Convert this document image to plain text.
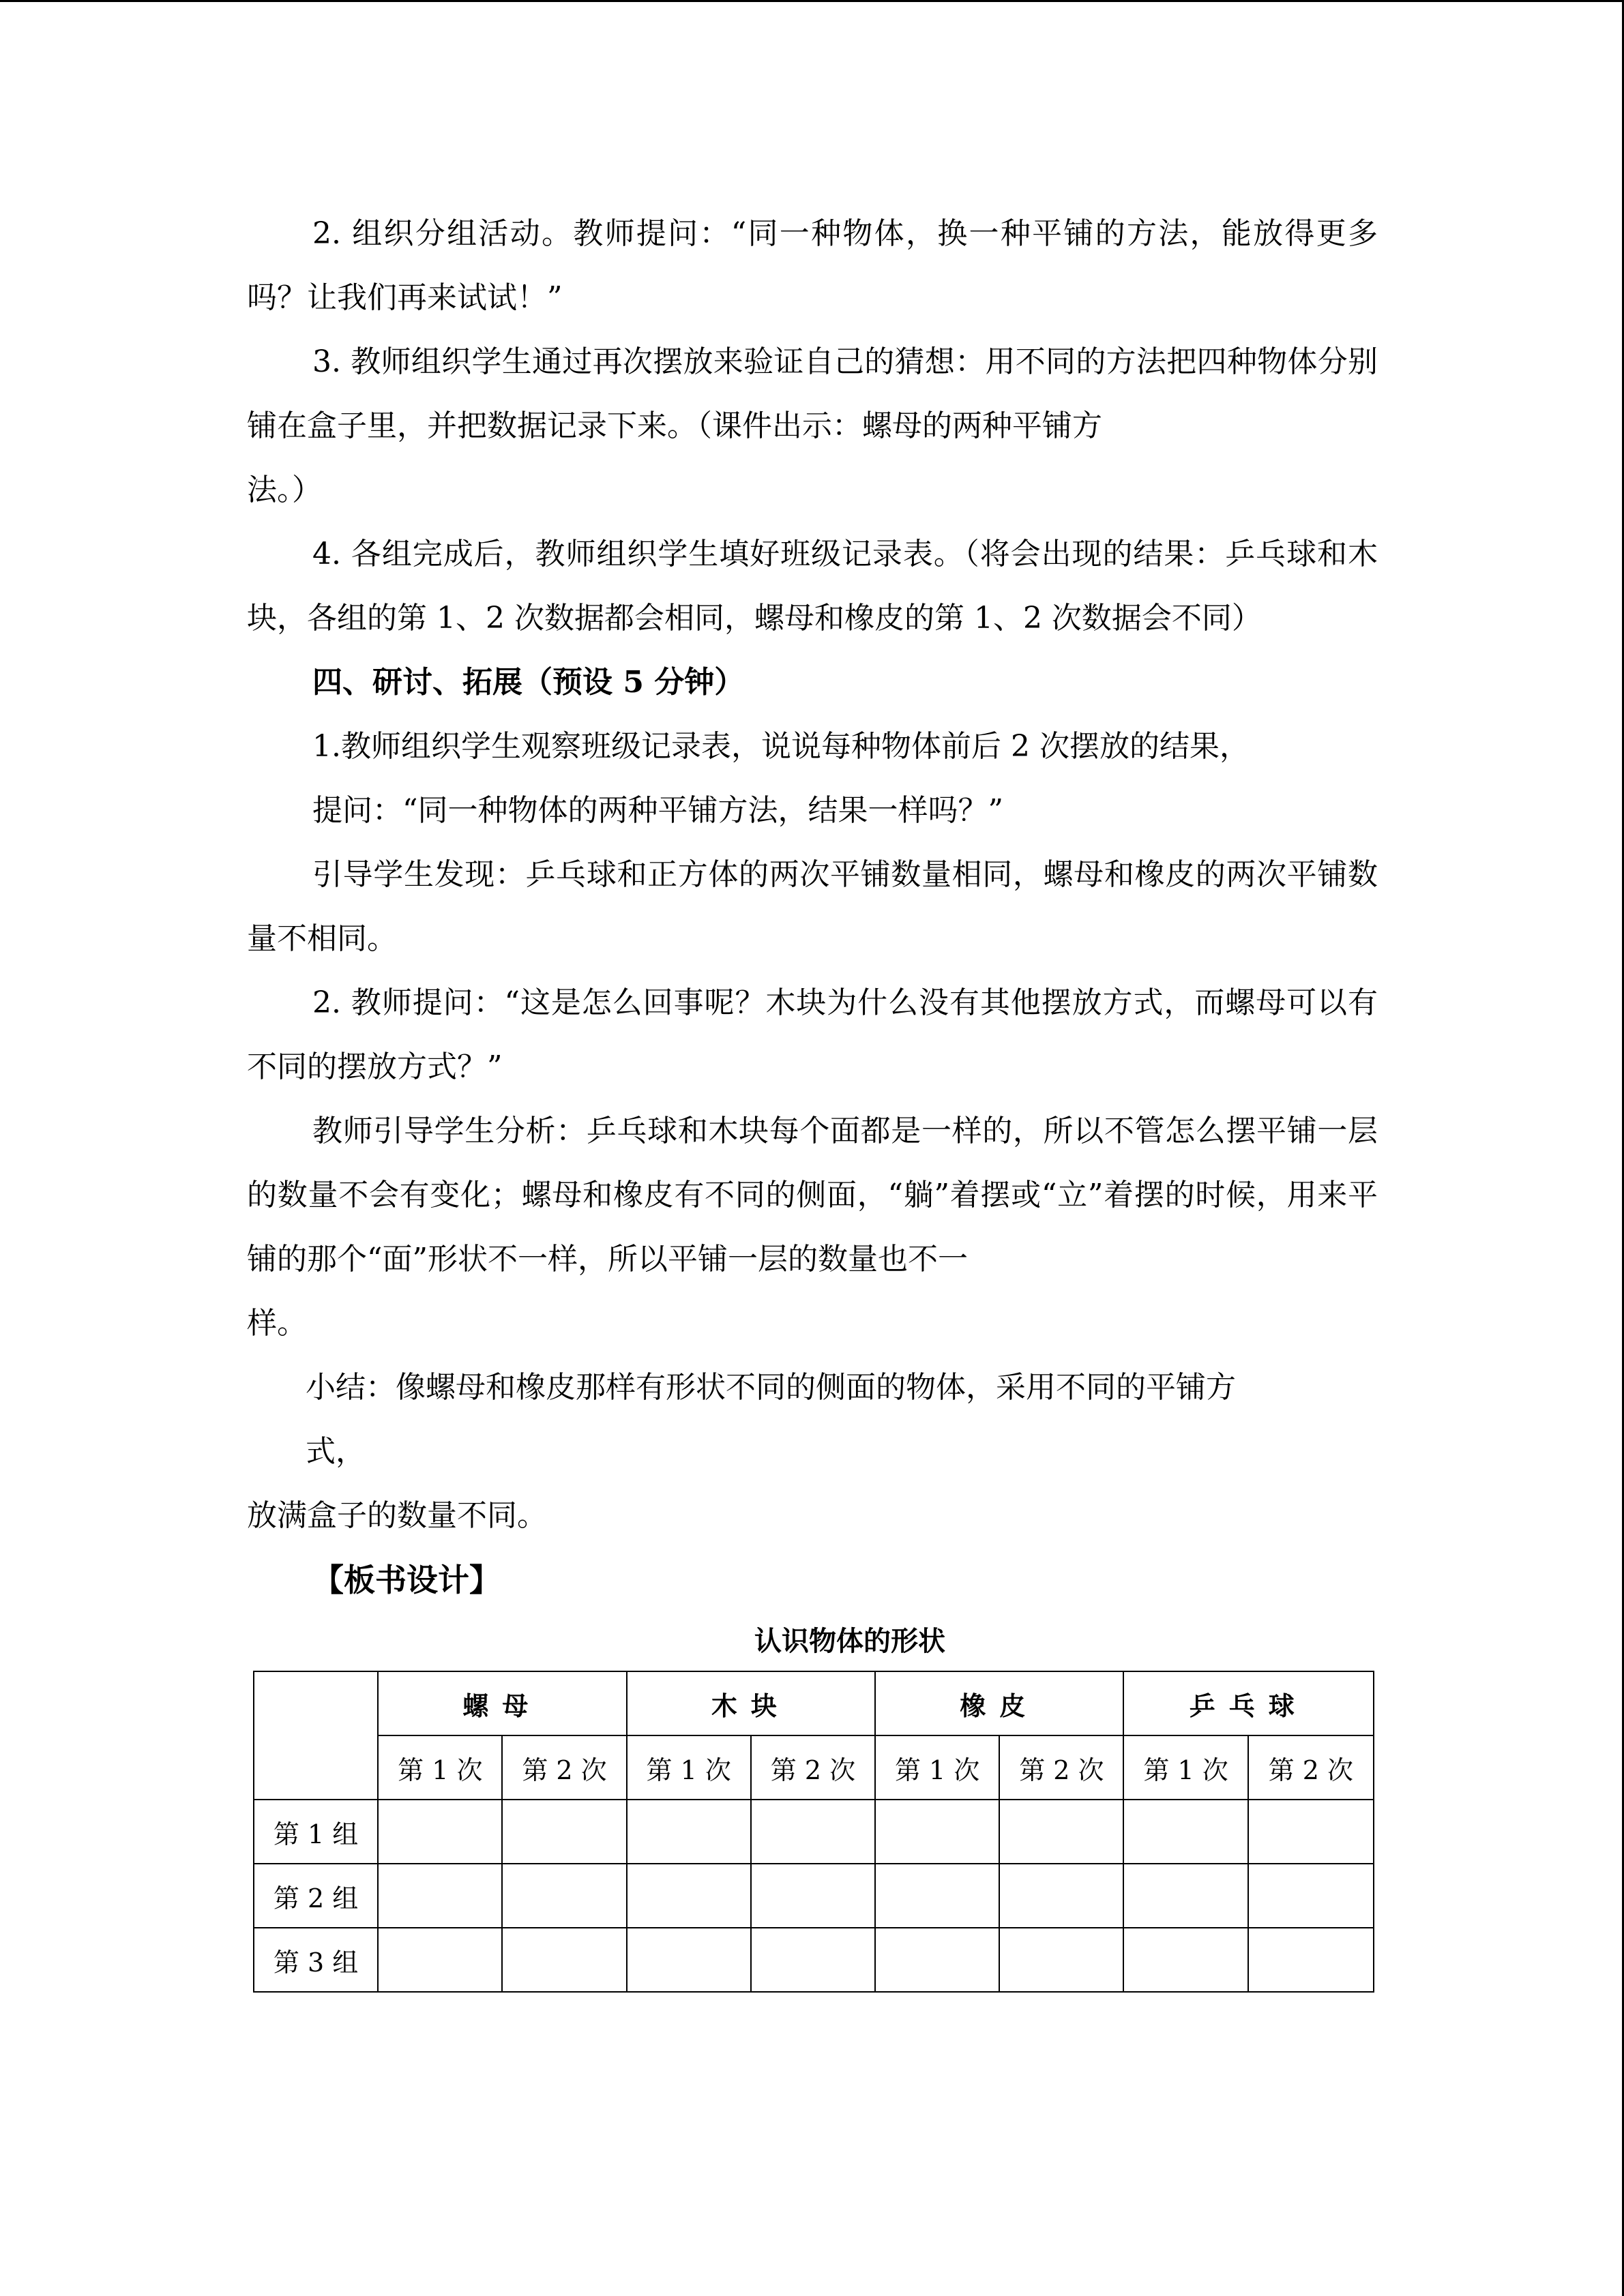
2. 组织分组活动。教师提问：“同一种物体，换一种平铺的方法，能放得更多吗？让我们再来试试！”

3. 教师组织学生通过再次摆放来验证自己的猜想：用不同的方法把四种物体分别铺在盒子里，并把数据记录下来。（课件出示：螺母的两种平铺方

法。）

4. 各组完成后，教师组织学生填好班级记录表。（将会出现的结果：乒乓球和木块，各组的第 1、2 次数据都会相同，螺母和橡皮的第 1、2 次数据会不同）

四、研讨、拓展（预设 5 分钟）

1.教师组织学生观察班级记录表，说说每种物体前后 2 次摆放的结果，

提问：“同一种物体的两种平铺方法，结果一样吗？”

引导学生发现：乒乓球和正方体的两次平铺数量相同，螺母和橡皮的两次平铺数量不相同。

2. 教师提问：“这是怎么回事呢？木块为什么没有其他摆放方式，而螺母可以有不同的摆放方式？”

教师引导学生分析：乒乓球和木块每个面都是一样的，所以不管怎么摆平铺一层的数量不会有变化；螺母和橡皮有不同的侧面，“躺”着摆或“立”着摆的时候，用来平铺的那个“面”形状不一样，所以平铺一层的数量也不一

样。

小结：像螺母和橡皮那样有形状不同的侧面的物体，采用不同的平铺方

式，

放满盒子的数量不同。

【板书设计】

认识物体的形状

	螺母		木块		橡皮		乒乓球	
	第 1 次	第 2 次	第 1 次	第 2 次	第 1 次	第 2 次	第 1 次	第 2 次
第 1 组								
第 2 组								
第 3 组								
